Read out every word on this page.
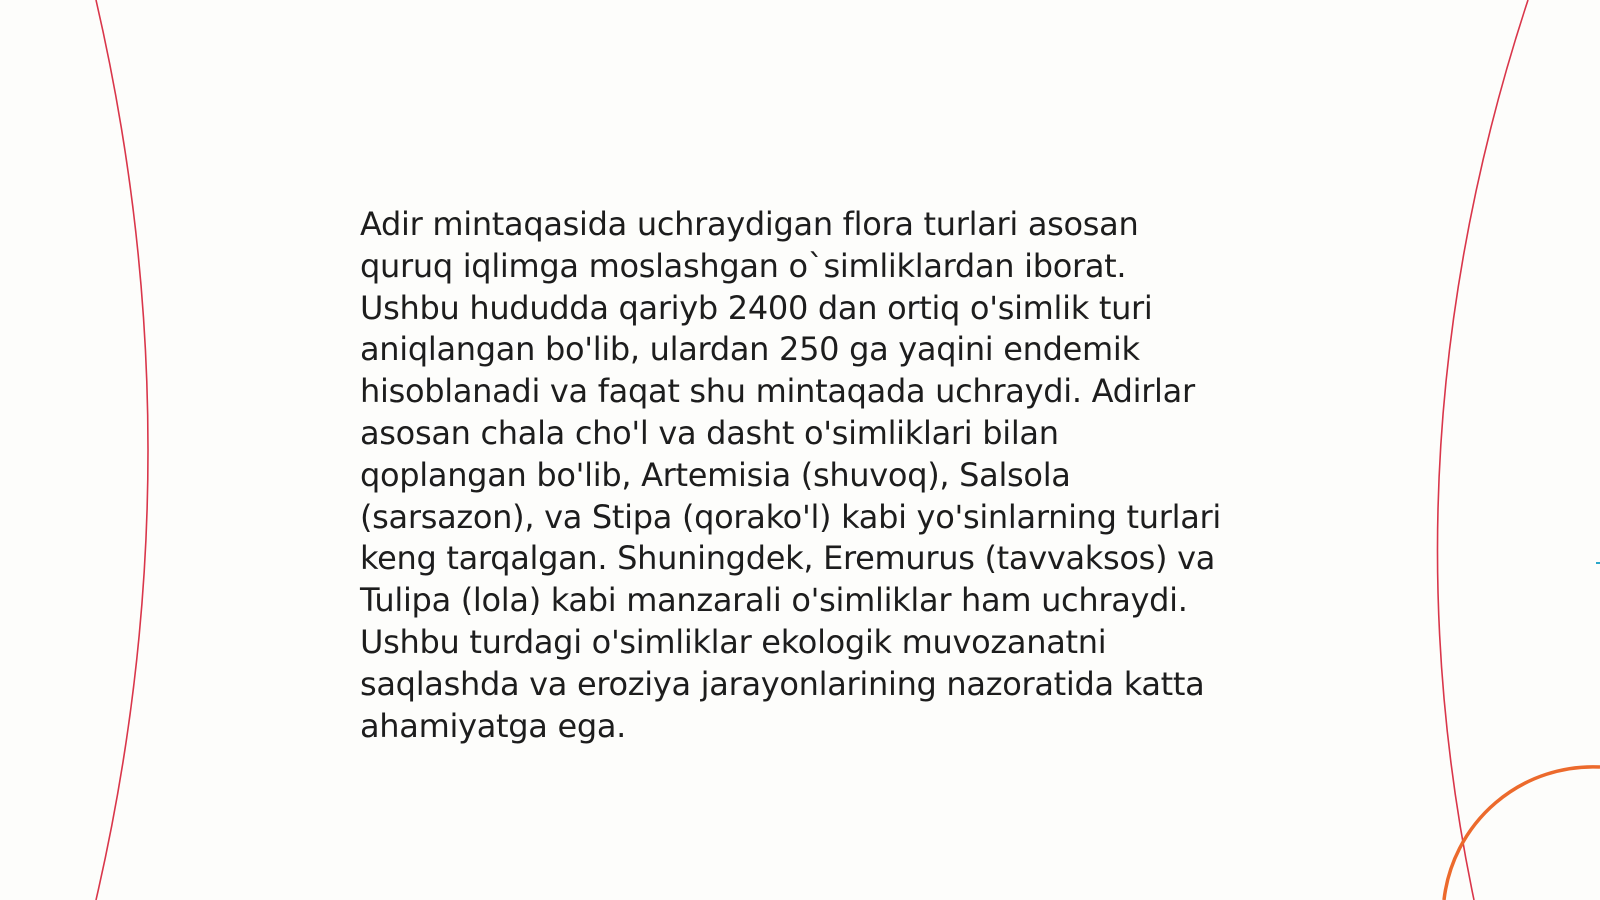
Adir mintaqasida uchraydigan flora turlari asosan
quruq iqlimga moslashgan o`simliklardan iborat.
Ushbu hududda qariyb 2400 dan ortiq o'simlik turi
aniqlangan bo'lib, ulardan 250 ga yaqini endemik
hisoblanadi va faqat shu mintaqada uchraydi. Adirlar
asosan chala cho'l va dasht o'simliklari bilan
qoplangan bo'lib, Artemisia (shuvoq), Salsola
(sarsazon), va Stipa (qorako'l) kabi yo'sinlarning turlari
keng tarqalgan. Shuningdek, Eremurus (tavvaksos) va
Tulipa (lola) kabi manzarali o'simliklar ham uchraydi.
Ushbu turdagi o'simliklar ekologik muvozanatni
saqlashda va eroziya jarayonlarining nazoratida katta
ahamiyatga ega.
